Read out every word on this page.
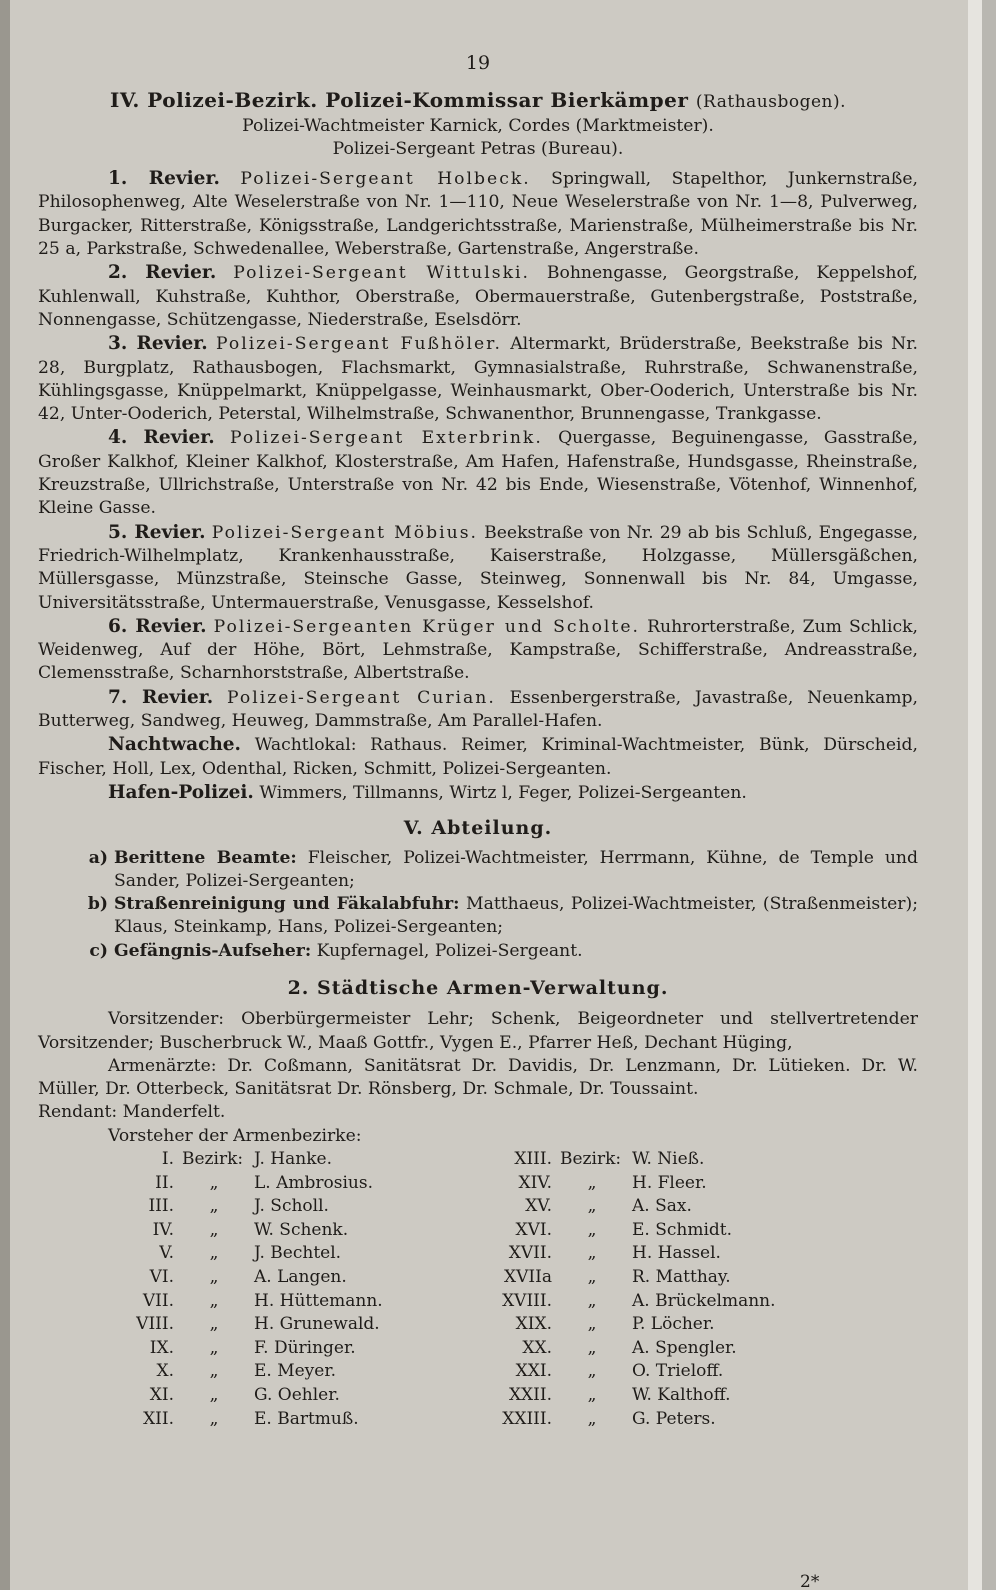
19
IV. Polizei-Bezirk. Polizei-Kommissar Bierkämper (Rathausbogen).
Polizei-Wachtmeister Karnick, Cordes (Marktmeister).
Polizei-Sergeant Petras (Bureau).

1. Revier. Polizei-Sergeant Holbeck. Springwall, Stapelthor, Junkernstraße, Philosophenweg, Alte Weselerstraße von Nr. 1—110, Neue Weselerstraße von Nr. 1—8, Pulverweg, Burgacker, Ritterstraße, Königsstraße, Landgerichtsstraße, Marienstraße, Mülheimerstraße bis Nr. 25 a, Parkstraße, Schwedenallee, Weberstraße, Gartenstraße, Angerstraße.

2. Revier. Polizei-Sergeant Wittulski. Bohnengasse, Georgstraße, Keppelshof, Kuhlenwall, Kuhstraße, Kuhthor, Oberstraße, Obermauerstraße, Gutenbergstraße, Poststraße, Nonnengasse, Schützengasse, Niederstraße, Eselsdörr.

3. Revier. Polizei-Sergeant Fußhöler. Altermarkt, Brüderstraße, Beekstraße bis Nr. 28, Burgplatz, Rathausbogen, Flachsmarkt, Gymnasialstraße, Ruhrstraße, Schwanenstraße, Kühlingsgasse, Knüppelmarkt, Knüppelgasse, Weinhausmarkt, Ober-Ooderich, Unterstraße bis Nr. 42, Unter-Ooderich, Peterstal, Wilhelmstraße, Schwanenthor, Brunnengasse, Trankgasse.

4. Revier. Polizei-Sergeant Exterbrink. Quergasse, Beguinengasse, Gasstraße, Großer Kalkhof, Kleiner Kalkhof, Klosterstraße, Am Hafen, Hafenstraße, Hundsgasse, Rheinstraße, Kreuzstraße, Ullrichstraße, Unterstraße von Nr. 42 bis Ende, Wiesenstraße, Vötenhof, Winnenhof, Kleine Gasse.

5. Revier. Polizei-Sergeant Möbius. Beekstraße von Nr. 29 ab bis Schluß, Engegasse, Friedrich-Wilhelmplatz, Krankenhausstraße, Kaiserstraße, Holzgasse, Müllersgäßchen, Müllersgasse, Münzstraße, Steinsche Gasse, Steinweg, Sonnenwall bis Nr. 84, Umgasse, Universitätsstraße, Untermauerstraße, Venusgasse, Kesselshof.

6. Revier. Polizei-Sergeanten Krüger und Scholte. Ruhrorterstraße, Zum Schlick, Weidenweg, Auf der Höhe, Bört, Lehmstraße, Kampstraße, Schifferstraße, Andreasstraße, Clemensstraße, Scharnhorststraße, Albertstraße.

7. Revier. Polizei-Sergeant Curian. Essenbergerstraße, Javastraße, Neuenkamp, Butterweg, Sandweg, Heuweg, Dammstraße, Am Parallel-Hafen.

Nachtwache. Wachtlokal: Rathaus. Reimer, Kriminal-Wachtmeister, Bünk, Dürscheid, Fischer, Holl, Lex, Odenthal, Ricken, Schmitt, Polizei-Sergeanten.

Hafen-Polizei. Wimmers, Tillmanns, Wirtz l, Feger, Polizei-Sergeanten.

V. Abteilung.
a) Berittene Beamte: Fleischer, Polizei-Wachtmeister, Herrmann, Kühne, de Temple und Sander, Polizei-Sergeanten;
b) Straßenreinigung und Fäkalabfuhr: Matthaeus, Polizei-Wachtmeister, (Straßenmeister); Klaus, Steinkamp, Hans, Polizei-Sergeanten;
c) Gefängnis-Aufseher: Kupfernagel, Polizei-Sergeant.
2. Städtische Armen-Verwaltung.

Vorsitzender: Oberbürgermeister Lehr; Schenk, Beigeordneter und stellvertretender Vorsitzender; Buscherbruck W., Maaß Gottfr., Vygen E., Pfarrer Heß, Dechant Hüging,

Armenärzte: Dr. Coßmann, Sanitätsrat Dr. Davidis, Dr. Lenzmann, Dr. Lütieken. Dr. W. Müller, Dr. Otterbeck, Sanitätsrat Dr. Rönsberg, Dr. Schmale, Dr. Toussaint.

Rendant: Manderfelt.

Vorsteher der Armenbezirke:

I.	Bezirk:	J. Hanke.	XIII.	Bezirk:	W. Nieß.
II.	„	L. Ambrosius.	XIV.	„	H. Fleer.
III.	„	J. Scholl.	XV.	„	A. Sax.
IV.	„	W. Schenk.	XVI.	„	E. Schmidt.
V.	„	J. Bechtel.	XVII.	„	H. Hassel.
VI.	„	A. Langen.	XVIIa	„	R. Matthay.
VII.	„	H. Hüttemann.	XVIII.	„	A. Brückelmann.
VIII.	„	H. Grunewald.	XIX.	„	P. Löcher.
IX.	„	F. Düringer.	XX.	„	A. Spengler.
X.	„	E. Meyer.	XXI.	„	O. Trieloff.
XI.	„	G. Oehler.	XXII.	„	W. Kalthoff.
XII.	„	E. Bartmuß.	XXIII.	„	G. Peters.
2*
